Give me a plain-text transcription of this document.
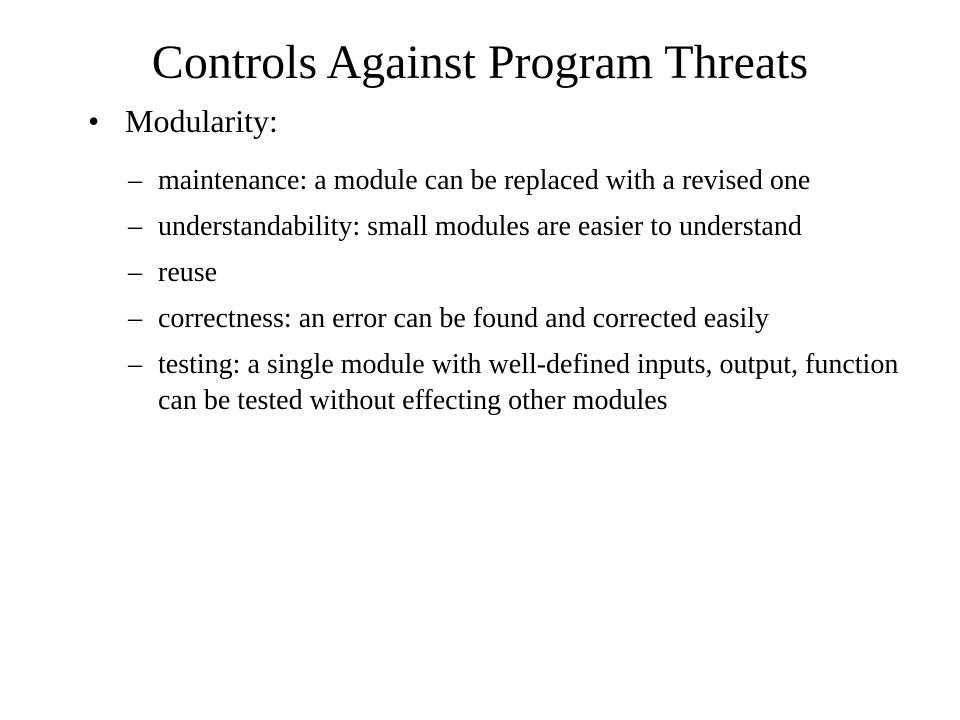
Controls Against Program Threats
• Modularity:
– maintenance: a module can be replaced with a revised one
– understandability: small modules are easier to understand
– reuse
– correctness: an error can be found and corrected easily
– testing: a single module with well-defined inputs, output, function can be tested without effecting other modules
